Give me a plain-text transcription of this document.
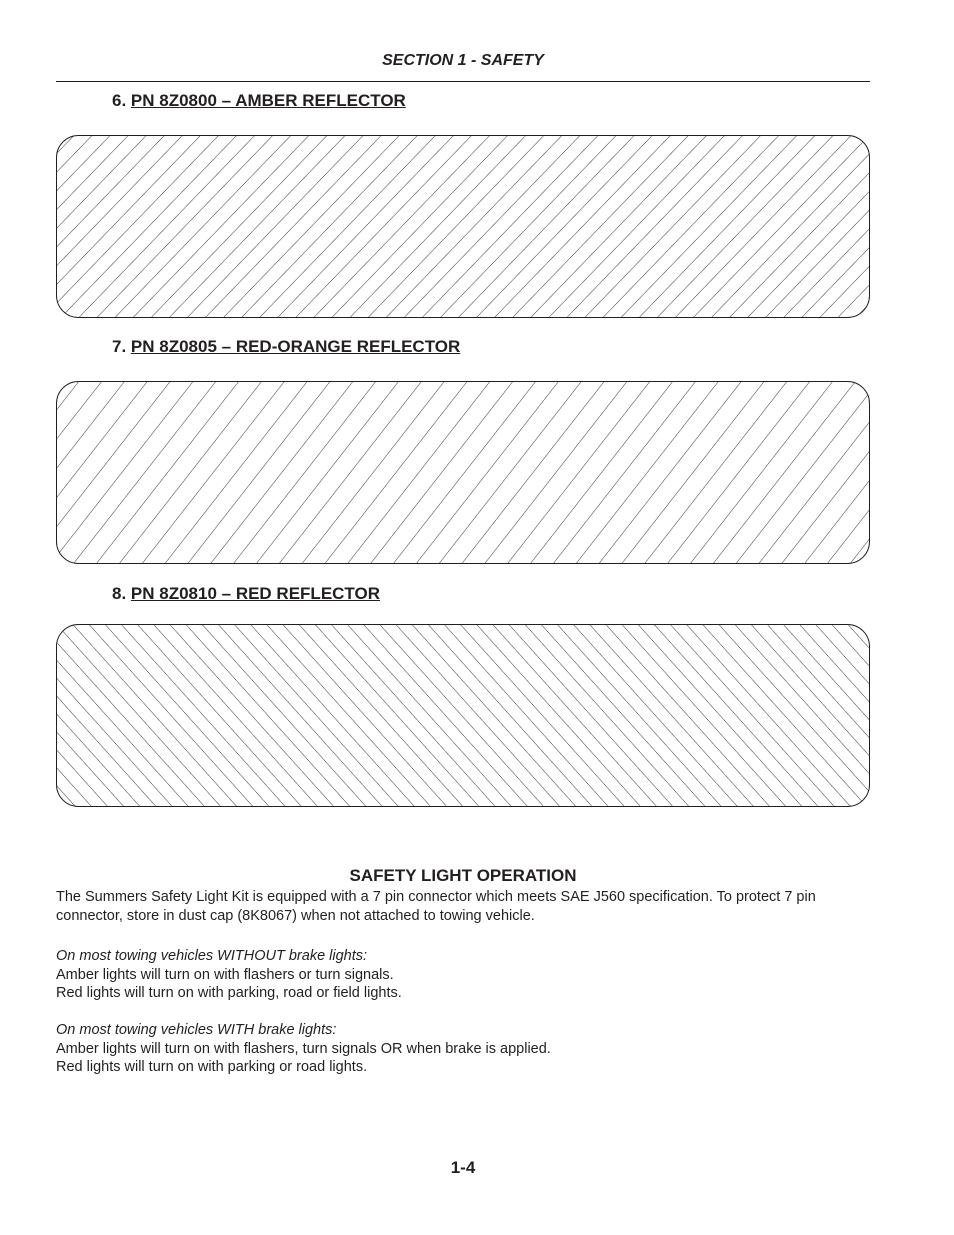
SECTION 1 - SAFETY
6. PN 8Z0800 – AMBER REFLECTOR
7. PN 8Z0805 – RED-ORANGE REFLECTOR
8. PN 8Z0810 – RED REFLECTOR
SAFETY LIGHT OPERATION
The Summers Safety Light Kit is equipped with a 7 pin connector which meets SAE J560 specification. To protect 7 pin connector, store in dust cap (8K8067) when not attached to towing vehicle.
On most towing vehicles WITHOUT brake lights:
Amber lights will turn on with flashers or turn signals.
Red lights will turn on with parking, road or field lights.
On most towing vehicles WITH brake lights:
Amber lights will turn on with flashers, turn signals OR when brake is applied.
Red lights will turn on with parking or road lights.
1-4
